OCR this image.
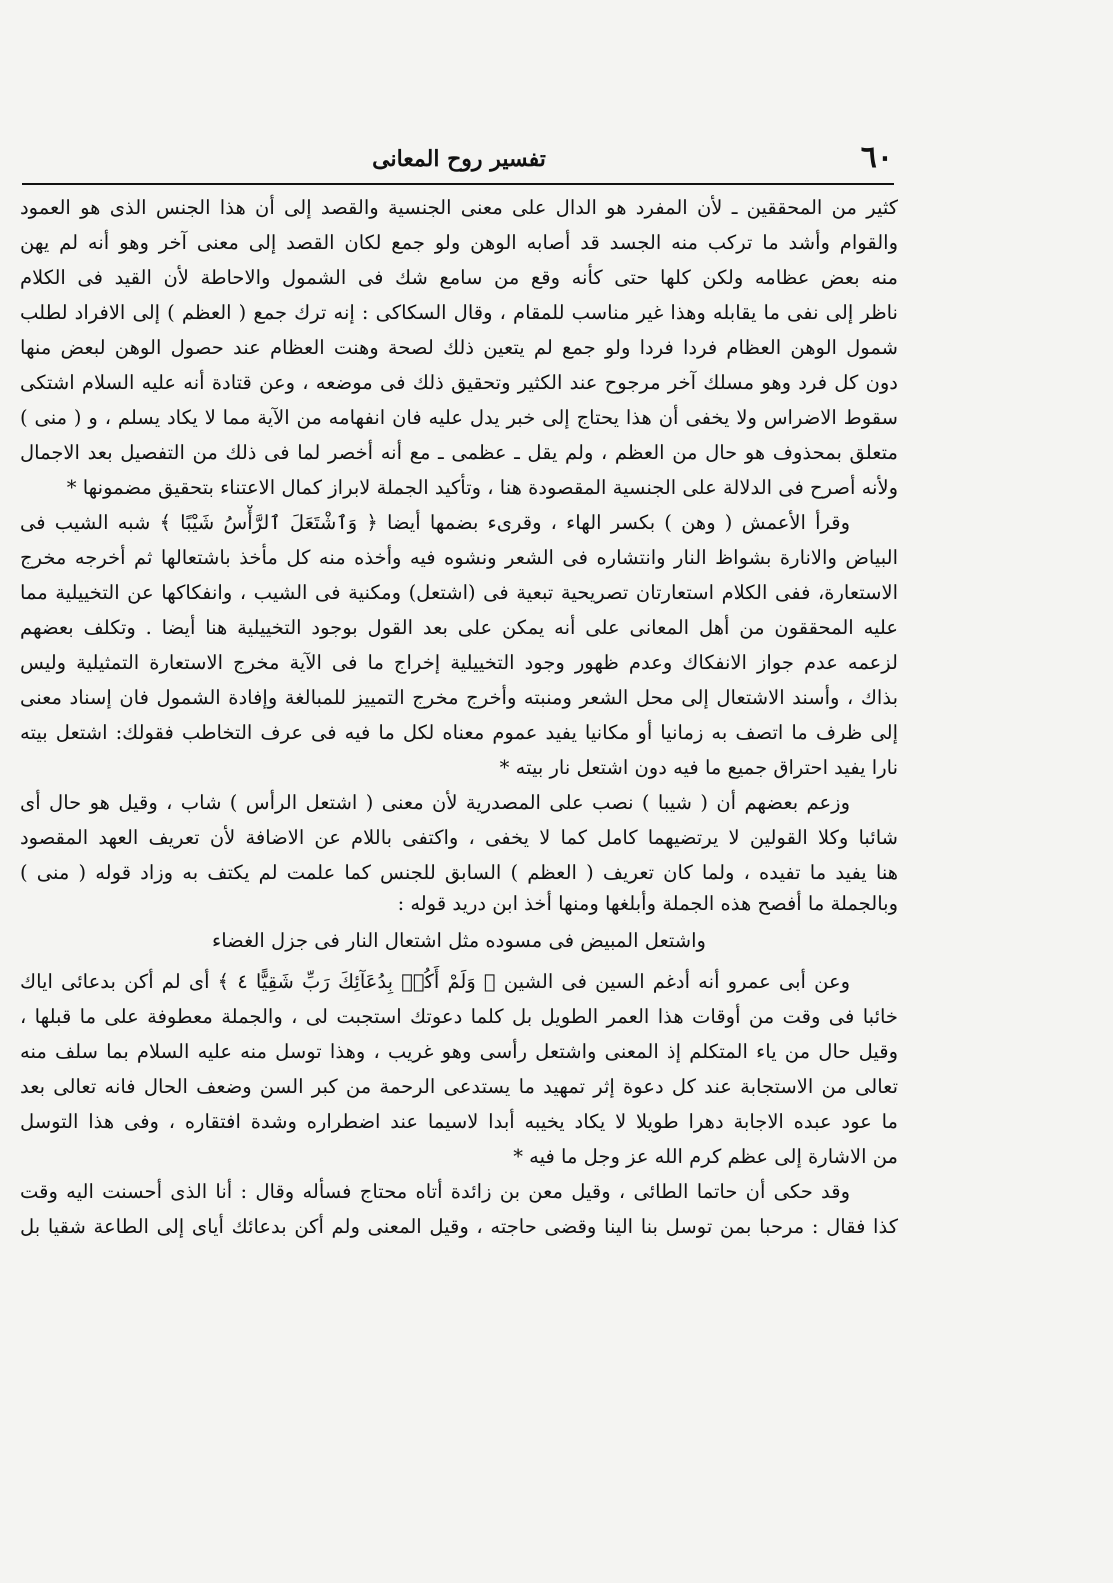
٦٠
تفسير روح المعانى
كثير من المحققين ـ لأن المفرد هو الدال على معنى الجنسية والقصد إلى أن هذا الجنس الذى هو العمود
والقوام وأشد ما تركب منه الجسد قد أصابه الوهن ولو جمع لكان القصد إلى معنى آخر وهو أنه لم يهن
منه بعض عظامه ولكن كلها حتى كأنه وقع من سامع شك فى الشمول والاحاطة لأن القيد فى الكلام
ناظر إلى نفى ما يقابله وهذا غير مناسب للمقام ، وقال السكاكى : إنه ترك جمع ( العظم ) إلى الافراد لطلب
شمول الوهن العظام فردا فردا ولو جمع لم يتعين ذلك لصحة وهنت العظام عند حصول الوهن لبعض منها
دون كل فرد وهو مسلك آخر مرجوح عند الكثير وتحقيق ذلك فى موضعه ، وعن قتادة أنه عليه السلام اشتكى
سقوط الاضراس ولا يخفى أن هذا يحتاج إلى خبر يدل عليه فان انفهامه من الآية مما لا يكاد يسلم ، و ( منى )
متعلق بمحذوف هو حال من العظم ، ولم يقل ـ عظمى ـ مع أنه أخصر لما فى ذلك من التفصيل بعد الاجمال
ولأنه أصرح فى الدلالة على الجنسية المقصودة هنا ، وتأكيد الجملة لابراز كمال الاعتناء بتحقيق مضمونها *
وقرأ الأعمش ( وهن ) بكسر الهاء ، وقرىء بضمها أيضا ﴿ وَٱشْتَعَلَ ٱلرَّأْسُ شَيْبًا ﴾ شبه الشيب فى
البياض والانارة بشواظ النار وانتشاره فى الشعر ونشوه فيه وأخذه منه كل مأخذ باشتعالها ثم أخرجه مخرج
الاستعارة، ففى الكلام استعارتان تصريحية تبعية فى (اشتعل) ومكنية فى الشيب ، وانفكاكها عن التخييلية مما
عليه المحققون من أهل المعانى على أنه يمكن على بعد القول بوجود التخييلية هنا أيضا . وتكلف بعضهم
لزعمه عدم جواز الانفكاك وعدم ظهور وجود التخييلية إخراج ما فى الآية مخرج الاستعارة التمثيلية وليس
بذاك ، وأسند الاشتعال إلى محل الشعر ومنبته وأخرج مخرج التمييز للمبالغة وإفادة الشمول فان إسناد معنى
إلى ظرف ما اتصف به زمانيا أو مكانيا يفيد عموم معناه لكل ما فيه فى عرف التخاطب فقولك: اشتعل بيته
نارا يفيد احتراق جميع ما فيه دون اشتعل نار بيته *
وزعم بعضهم أن ( شيبا ) نصب على المصدرية لأن معنى ( اشتعل الرأس ) شاب ، وقيل هو حال أى
شائبا وكلا القولين لا يرتضيهما كامل كما لا يخفى ، واكتفى باللام عن الاضافة لأن تعريف العهد المقصود
هنا يفيد ما تفيده ، ولما كان تعريف ( العظم ) السابق للجنس كما علمت لم يكتف به وزاد قوله ( منى )
وبالجملة ما أفصح هذه الجملة وأبلغها ومنها أخذ ابن دريد قوله :
واشتعل المبيض فى مسوده مثل اشتعال النار فى جزل الغضاء
وعن أبى عمرو أنه أدغم السين فى الشين ﴿ وَلَمْ أَكُنۢ بِدُعَآئِكَ رَبِّ شَقِيًّا ٤ ﴾ أى لم أكن بدعائى اياك
خائبا فى وقت من أوقات هذا العمر الطويل بل كلما دعوتك استجبت لى ، والجملة معطوفة على ما قبلها ،
وقيل حال من ياء المتكلم إذ المعنى واشتعل رأسى وهو غريب ، وهذا توسل منه عليه السلام بما سلف منه
تعالى من الاستجابة عند كل دعوة إثر تمهيد ما يستدعى الرحمة من كبر السن وضعف الحال فانه تعالى بعد
ما عود عبده الاجابة دهرا طويلا لا يكاد يخيبه أبدا لاسيما عند اضطراره وشدة افتقاره ، وفى هذا التوسل
من الاشارة إلى عظم كرم الله عز وجل ما فيه *
وقد حكى أن حاتما الطائى ، وقيل معن بن زائدة أتاه محتاج فسأله وقال : أنا الذى أحسنت اليه وقت
كذا فقال : مرحبا بمن توسل بنا الينا وقضى حاجته ، وقيل المعنى ولم أكن بدعائك أياى إلى الطاعة شقيا بل
